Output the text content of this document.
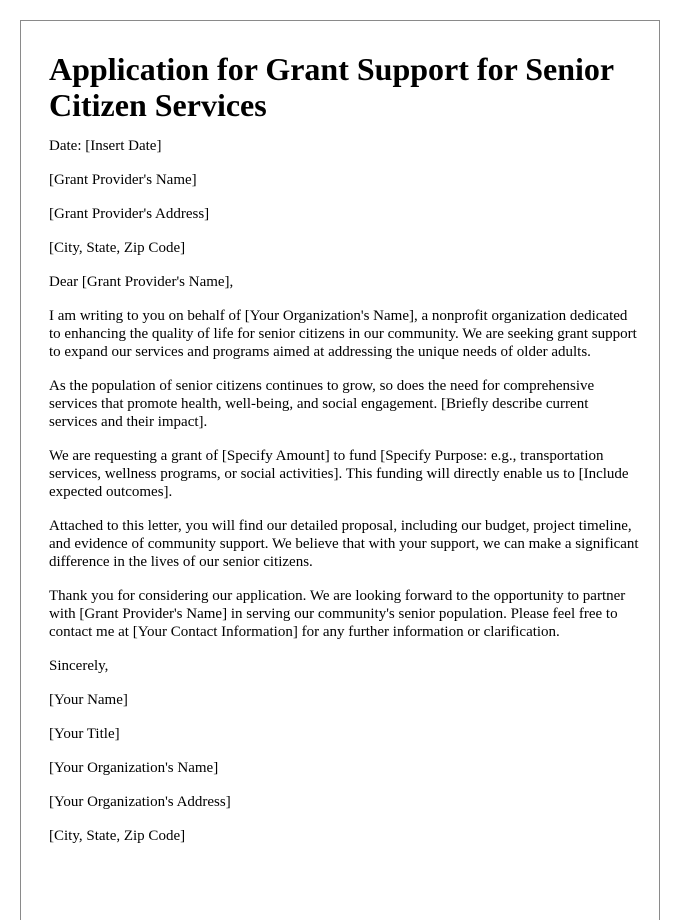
Application for Grant Support for Senior Citizen Services

Date: [Insert Date]

[Grant Provider's Name]

[Grant Provider's Address]

[City, State, Zip Code]

Dear [Grant Provider's Name],

I am writing to you on behalf of [Your Organization's Name], a nonprofit organization dedicated to enhancing the quality of life for senior citizens in our community. We are seeking grant support to expand our services and programs aimed at addressing the unique needs of older adults.

As the population of senior citizens continues to grow, so does the need for comprehensive services that promote health, well-being, and social engagement. [Briefly describe current services and their impact].

We are requesting a grant of [Specify Amount] to fund [Specify Purpose: e.g., transportation services, wellness programs, or social activities]. This funding will directly enable us to [Include expected outcomes].

Attached to this letter, you will find our detailed proposal, including our budget, project timeline, and evidence of community support. We believe that with your support, we can make a significant difference in the lives of our senior citizens.

Thank you for considering our application. We are looking forward to the opportunity to partner with [Grant Provider's Name] in serving our community's senior population. Please feel free to contact me at [Your Contact Information] for any further information or clarification.

Sincerely,

[Your Name]

[Your Title]

[Your Organization's Name]

[Your Organization's Address]

[City, State, Zip Code]
